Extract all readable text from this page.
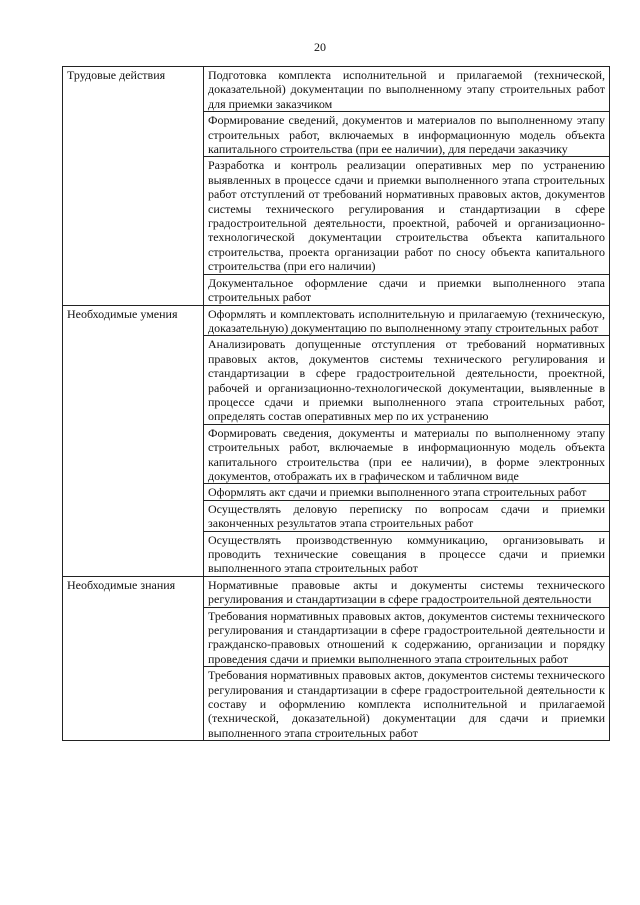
20
Трудовые действия	Подготовка комплекта исполнительной и прилагаемой (технической, доказательной) документации по выполненному этапу строительных работ для приемки заказчиком
	Формирование сведений, документов и материалов по выполненному этапу строительных работ, включаемых в информационную модель объекта капитального строительства (при ее наличии), для передачи заказчику
	Разработка и контроль реализации оперативных мер по устранению выявленных в процессе сдачи и приемки выполненного этапа строительных работ отступлений от требований нормативных правовых актов, документов системы технического регулирования и стандартизации в сфере градостроительной деятельности, проектной, рабочей и организационно-технологической документации строительства объекта капитального строительства, проекта организации работ по сносу объекта капитального строительства (при его наличии)
	Документальное оформление сдачи и приемки выполненного этапа строительных работ
Необходимые умения	Оформлять и комплектовать исполнительную и прилагаемую (техническую, доказательную) документацию по выполненному этапу строительных работ
	Анализировать допущенные отступления от требований нормативных правовых актов, документов системы технического регулирования и стандартизации в сфере градостроительной деятельности, проектной, рабочей и организационно-технологической документации, выявленные в процессе сдачи и приемки выполненного этапа строительных работ, определять состав оперативных мер по их устранению
	Формировать сведения, документы и материалы по выполненному этапу строительных работ, включаемые в информационную модель объекта капитального строительства (при ее наличии), в форме электронных документов, отображать их в графическом и табличном виде
	Оформлять акт сдачи и приемки выполненного этапа строительных работ
	Осуществлять деловую переписку по вопросам сдачи и приемки законченных результатов этапа строительных работ
	Осуществлять производственную коммуникацию, организовывать и проводить технические совещания в процессе сдачи и приемки выполненного этапа строительных работ
Необходимые знания	Нормативные правовые акты и документы системы технического регулирования и стандартизации в сфере градостроительной деятельности
	Требования нормативных правовых актов, документов системы технического регулирования и стандартизации в сфере градостроительной деятельности и гражданско-правовых отношений к содержанию, организации и порядку проведения сдачи и приемки выполненного этапа строительных работ
	Требования нормативных правовых актов, документов системы технического регулирования и стандартизации в сфере градостроительной деятельности к составу и оформлению комплекта исполнительной и прилагаемой (технической, доказательной) документации для сдачи и приемки выполненного этапа строительных работ
